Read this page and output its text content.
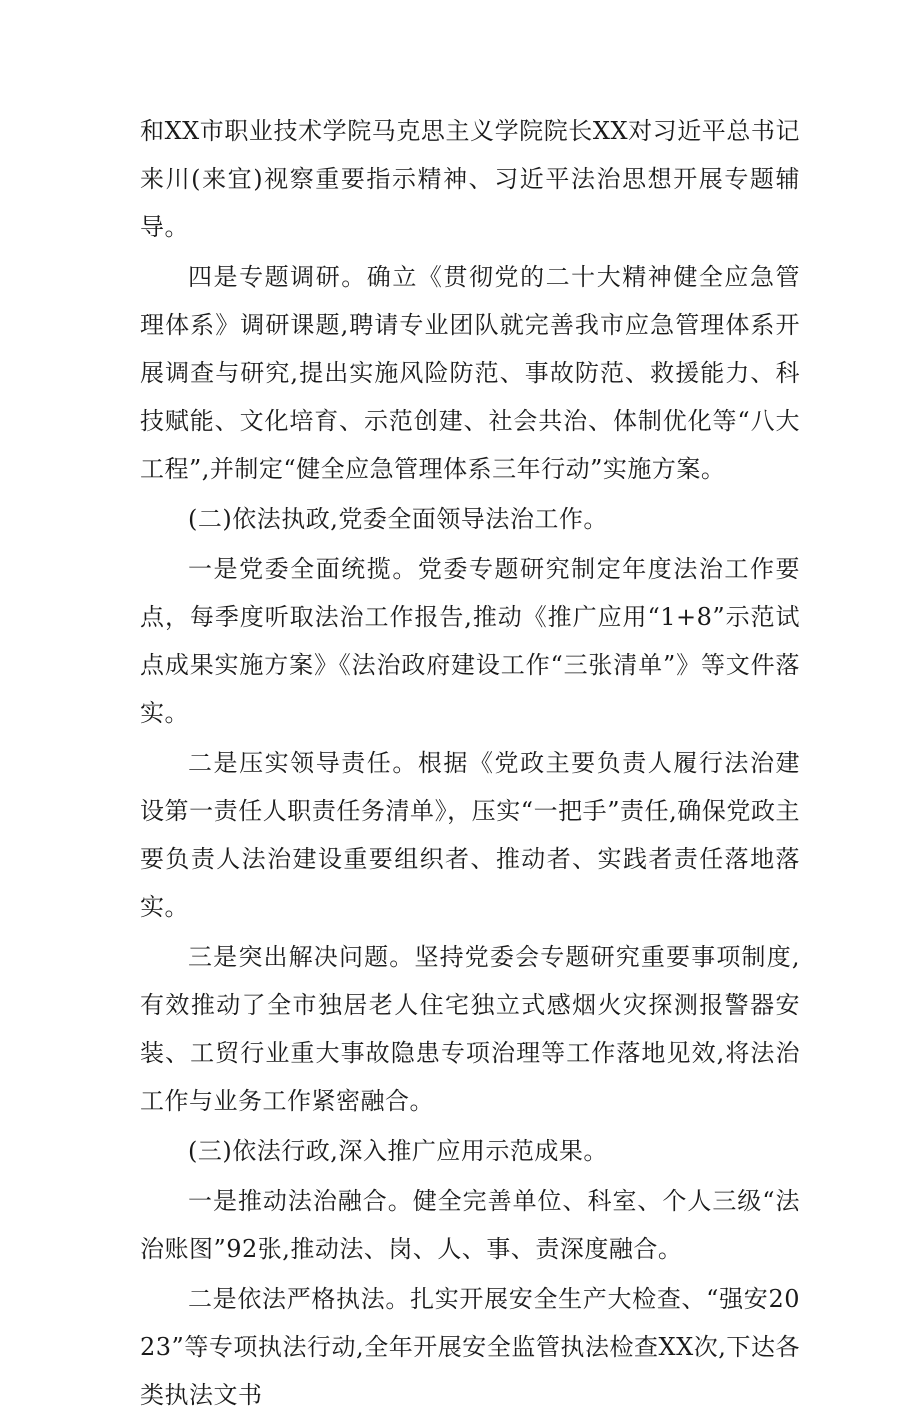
和XX市职业技术学院马克思主义学院院长XX对习近平总书记来川(来宜)视察重要指示精神、习近平法治思想开展专题辅导。

四是专题调研。确立《贯彻党的二十大精神健全应急管理体系》调研课题,聘请专业团队就完善我市应急管理体系开展调查与研究,提出实施风险防范、事故防范、救援能力、科技赋能、文化培育、示范创建、社会共治、体制优化等“八大工程”,并制定“健全应急管理体系三年行动”实施方案。

(二)依法执政,党委全面领导法治工作。

一是党委全面统揽。党委专题研究制定年度法治工作要点，每季度听取法治工作报告,推动《推广应用“1+8”示范试点成果实施方案》《法治政府建设工作“三张清单”》等文件落实。

二是压实领导责任。根据《党政主要负责人履行法治建设第一责任人职责任务清单》，压实“一把手”责任,确保党政主要负责人法治建设重要组织者、推动者、实践者责任落地落实。

三是突出解决问题。坚持党委会专题研究重要事项制度,有效推动了全市独居老人住宅独立式感烟火灾探测报警器安装、工贸行业重大事故隐患专项治理等工作落地见效,将法治工作与业务工作紧密融合。

(三)依法行政,深入推广应用示范成果。

一是推动法治融合。健全完善单位、科室、个人三级“法治账图”92张,推动法、岗、人、事、责深度融合。

二是依法严格执法。扎实开展安全生产大检查、“强安2023”等专项执法行动,全年开展安全监管执法检查XX次,下达各类执法文书
